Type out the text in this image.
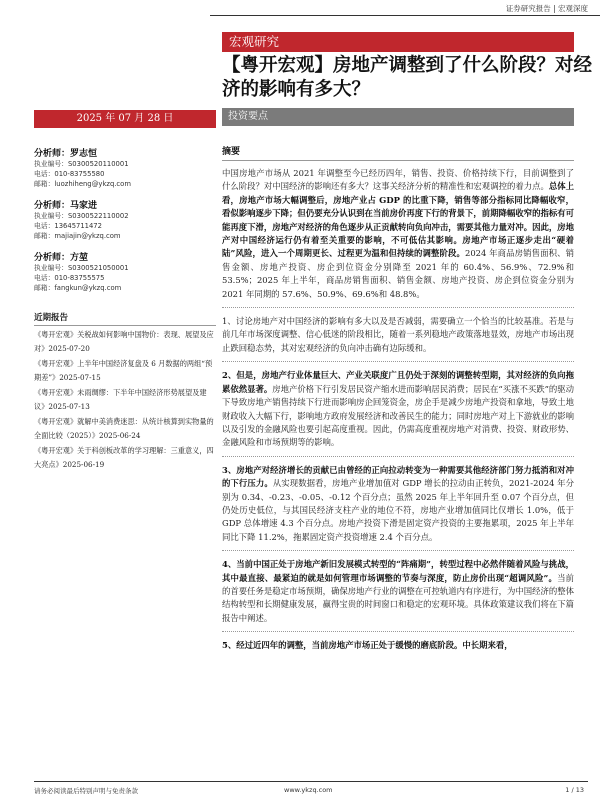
证券研究报告 | 宏观深度
宏观研究
【粤开宏观】房地产调整到了什么阶段？对经济的影响有多大？
2025 年 07 月 28 日	投资要点
分析师：罗志恒
执业编号：S0300520110001
电话：010-83755580
邮箱：luozhiheng@ykzq.com
分析师：马家进
执业编号：S0300522110002
电话：13645711472
邮箱：majiajin@ykzq.com
分析师：方堃
执业编号：S0300521050001
电话：010-83755575
邮箱：fangkun@ykzq.com
近期报告
《粤开宏观》关税战如何影响中国物价：表现、展望及应对》2025-07-20
《粤开宏观》上半年中国经济复盘及 6 月数据的两组“预期差”》2025-07-15
《粤开宏观》未雨绸缪：下半年中国经济形势展望及建议》2025-07-13
《粤开宏观》就解中美消费迷思：从统计核算到实物量的全面比较（2025）》2025-06-24
《粤开宏观》关于科创板改革的学习理解：三重意义，四大亮点》2025-06-19
摘要
中国房地产市场从 2021 年调整至今已经历四年，销售、投资、价格持续下行，目前调整到了什么阶段？对中国经济的影响还有多大？这事关经济分析的精准性和宏观调控的着力点。总体上看，房地产市场大幅调整后，房地产业占 GDP 的比重下降，销售等部分指标同比降幅收窄，看似影响逐步下降；但仍要充分认识到在当前房价再度下行的背景下，前期降幅收窄的指标有可能再度下滑，房地产对经济的角色逐步从正贡献转向负向冲击，需要其他力量对冲。因此，房地产对中国经济运行仍有着至关重要的影响，不可低估其影响。房地产市场正逐步走出“硬着陆”风险，进入一个周期更长、过程更为温和但持续的调整阶段。2024 年商品房销售面积、销售金额、房地产投资、房企到位资金分别降至 2021 年的 60.4%、56.9%、72.9%和 53.5%；2025 年上半年，商品房销售面积、销售金额、房地产投资、房企到位资金分别为 2021 年同期的 57.6%、50.9%、69.6%和 48.8%。
1、讨论房地产对中国经济的影响有多大以及是否减弱，需要确立一个恰当的比较基准。若是与前几年市场深度调整、信心低迷的阶段相比，随着一系列稳地产政策落地显效，房地产市场出现止跌回稳态势，其对宏观经济的负向冲击确有边际缓和。
2、但是，房地产行业体量巨大、产业关联度广且仍处于深刻的调整转型期，其对经济的负向拖累依然显著。房地产价格下行引发居民资产缩水进而影响居民消费；居民在“买涨不买跌”的驱动下导致房地产销售持续下行进而影响房企回笼资金，房企手是减少房地产投资和拿地，导致土地财政收入大幅下行，影响地方政府发展经济和改善民生的能力；同时房地产对上下游就业的影响以及引发的金融风险也要引起高度重视。因此，仍需高度重视房地产对消费、投资、财政形势、金融风险和市场预期等的影响。
3、房地产对经济增长的贡献已由曾经的正向拉动转变为一种需要其他经济部门努力抵消和对冲的下行压力。从实现数据看，房地产业增加值对 GDP 增长的拉动由正转负，2021-2024 年分别为 0.34、-0.23、-0.05、-0.12 个百分点；虽然 2025 年上半年回升至 0.07 个百分点，但仍处历史低位，与其国民经济支柱产业的地位不符，房地产业增加值同比仅增长 1.0%，低于 GDP 总体增速 4.3 个百分点。房地产投资下滑是固定资产投资的主要拖累项，2025 年上半年同比下降 11.2%，拖累固定资产投资增速 2.4 个百分点。
4、当前中国正处于房地产新旧发展模式转型的“阵痛期”，转型过程中必然伴随着风险与挑战，其中最直接、最紧迫的就是如何管理市场调整的节奏与深度，防止房价出现“超调风险”。当前的首要任务是稳定市场预期，确保房地产行业的调整在可控轨道内有序进行，为中国经济的整体结构转型和长期健康发展，赢得宝贵的时间窗口和稳定的宏观环境。具体政策建议我们将在下篇报告中阐述。
5、经过近四年的调整，当前房地产市场正处于缓慢的磨底阶段。中长期来看，
请务必阅读最后特别声明与免责条款	www.ykzq.com	1 / 13
